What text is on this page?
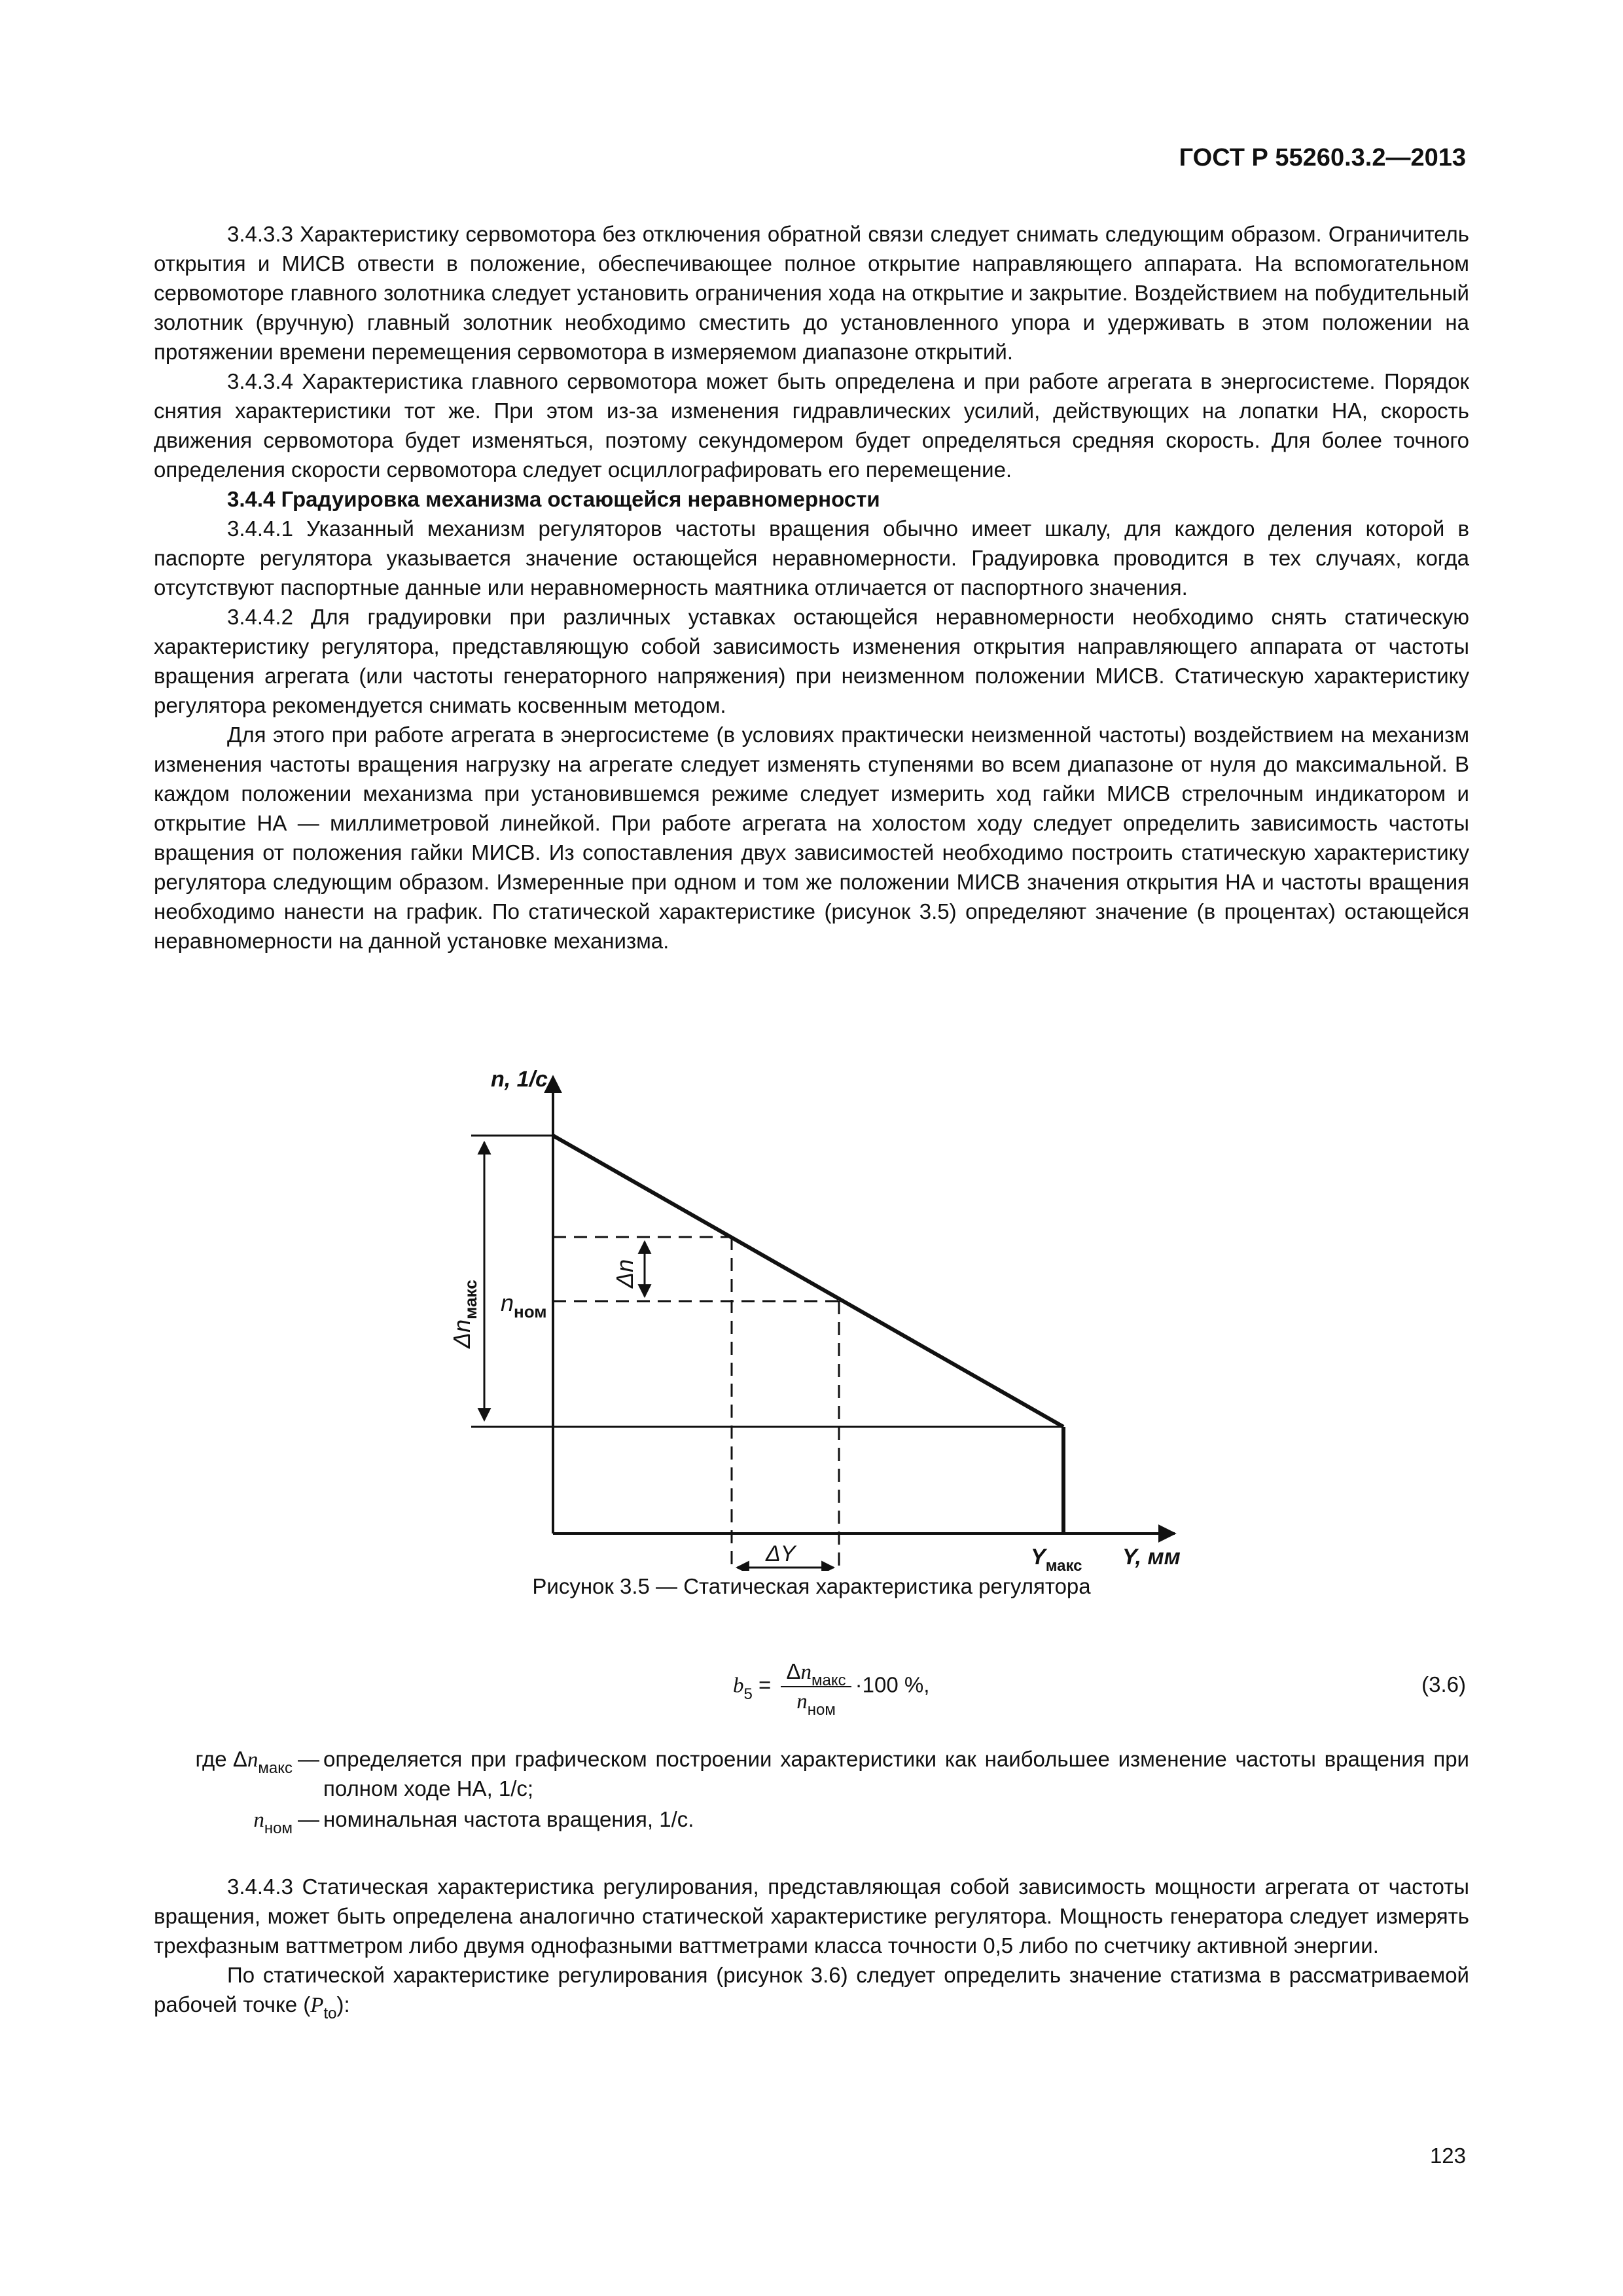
ГОСТ Р 55260.3.2—2013

3.4.3.3 Характеристику сервомотора без отключения обратной связи следует снимать следующим образом. Ограничитель открытия и МИСВ отвести в положение, обеспечивающее полное открытие направляющего аппарата. На вспомогательном сервомоторе главного золотника следует установить ограничения хода на открытие и закрытие. Воздействием на побудительный золотник (вручную) главный золотник необходимо сместить до установленного упора и удерживать в этом положении на протяжении времени перемещения сервомотора в измеряемом диапазоне открытий.

3.4.3.4 Характеристика главного сервомотора может быть определена и при работе агрегата в энергосистеме. Порядок снятия характеристики тот же. При этом из-за изменения гидравлических усилий, действующих на лопатки НА, скорость движения сервомотора будет изменяться, поэтому секундомером будет определяться средняя скорость. Для более точного определения скорости сервомотора следует осциллографировать его перемещение.

3.4.4 Градуировка механизма остающейся неравномерности

3.4.4.1 Указанный механизм регуляторов частоты вращения обычно имеет шкалу, для каждого деления которой в паспорте регулятора указывается значение остающейся неравномерности. Градуировка проводится в тех случаях, когда отсутствуют паспортные данные или неравномерность маятника отличается от паспортного значения.

3.4.4.2 Для градуировки при различных уставках остающейся неравномерности необходимо снять статическую характеристику регулятора, представляющую собой зависимость изменения открытия направляющего аппарата от частоты вращения агрегата (или частоты генераторного напряжения) при неизменном положении МИСВ. Статическую характеристику регулятора рекомендуется снимать косвенным методом.

Для этого при работе агрегата в энергосистеме (в условиях практически неизменной частоты) воздействием на механизм изменения частоты вращения нагрузку на агрегате следует изменять ступенями во всем диапазоне от нуля до максимальной. В каждом положении механизма при установившемся режиме следует измерить ход гайки МИСВ стрелочным индикатором и открытие НА — миллиметровой линейкой. При работе агрегата на холостом ходу следует определить зависимость частоты вращения от положения гайки МИСВ. Из сопоставления двух зависимостей необходимо построить статическую характеристику регулятора следующим образом. Измеренные при одном и том же положении МИСВ значения открытия НА и частоты вращения необходимо нанести на график. По статической характеристике (рисунок 3.5) определяют значение (в процентах) остающейся неравномерности на данной установке механизма.

n, 1/с
Y, мм
$\Delta n_{макс}$ $n_{ном}$
Δn
ΔY	$Y_{макс}$
Рисунок 3.5 — Статическая характеристика регулятора
$b_5 = \frac{\Delta n_{макс}}{n_{ном}} \cdot 100$ %,	(3.6)
где $\Delta n_{макс}$ — определяется при графическом построении характеристики как наибольшее изменение частоты вращения при полном ходе НА, 1/с;
$n_{ном}$ — номинальная частота вращения, 1/с.

3.4.4.3 Статическая характеристика регулирования, представляющая собой зависимость мощности агрегата от частоты вращения, может быть определена аналогично статической характеристике регулятора. Мощность генератора следует измерять трехфазным ваттметром либо двумя однофазными ваттметрами класса точности 0,5 либо по счетчику активной энергии.

По статической характеристике регулирования (рисунок 3.6) следует определить значение статизма в рассматриваемой рабочей точке $(P_{to})$:

123
